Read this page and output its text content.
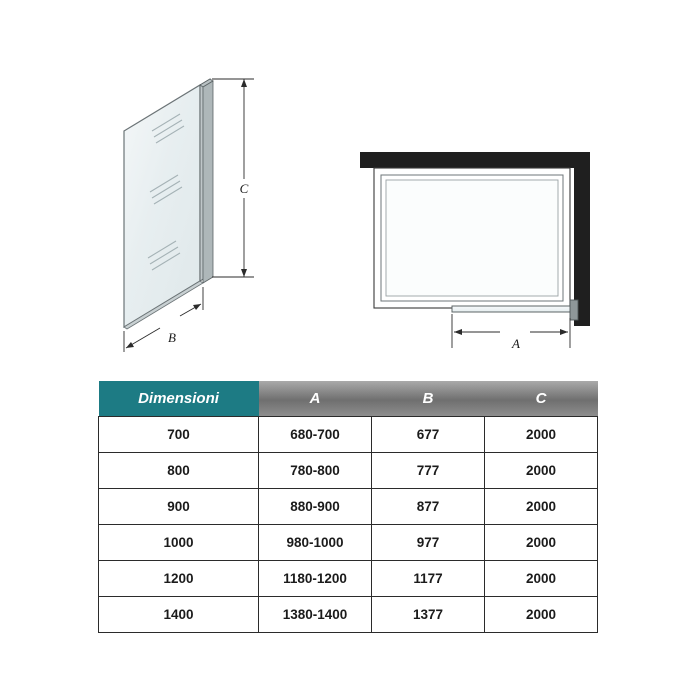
C
B	A
Dimensioni	A	B	C
700	680-700	677	2000
800	780-800	777	2000
900	880-900	877	2000
1000	980-1000	977	2000
1200	1180-1200	1177	2000
1400	1380-1400	1377	2000
